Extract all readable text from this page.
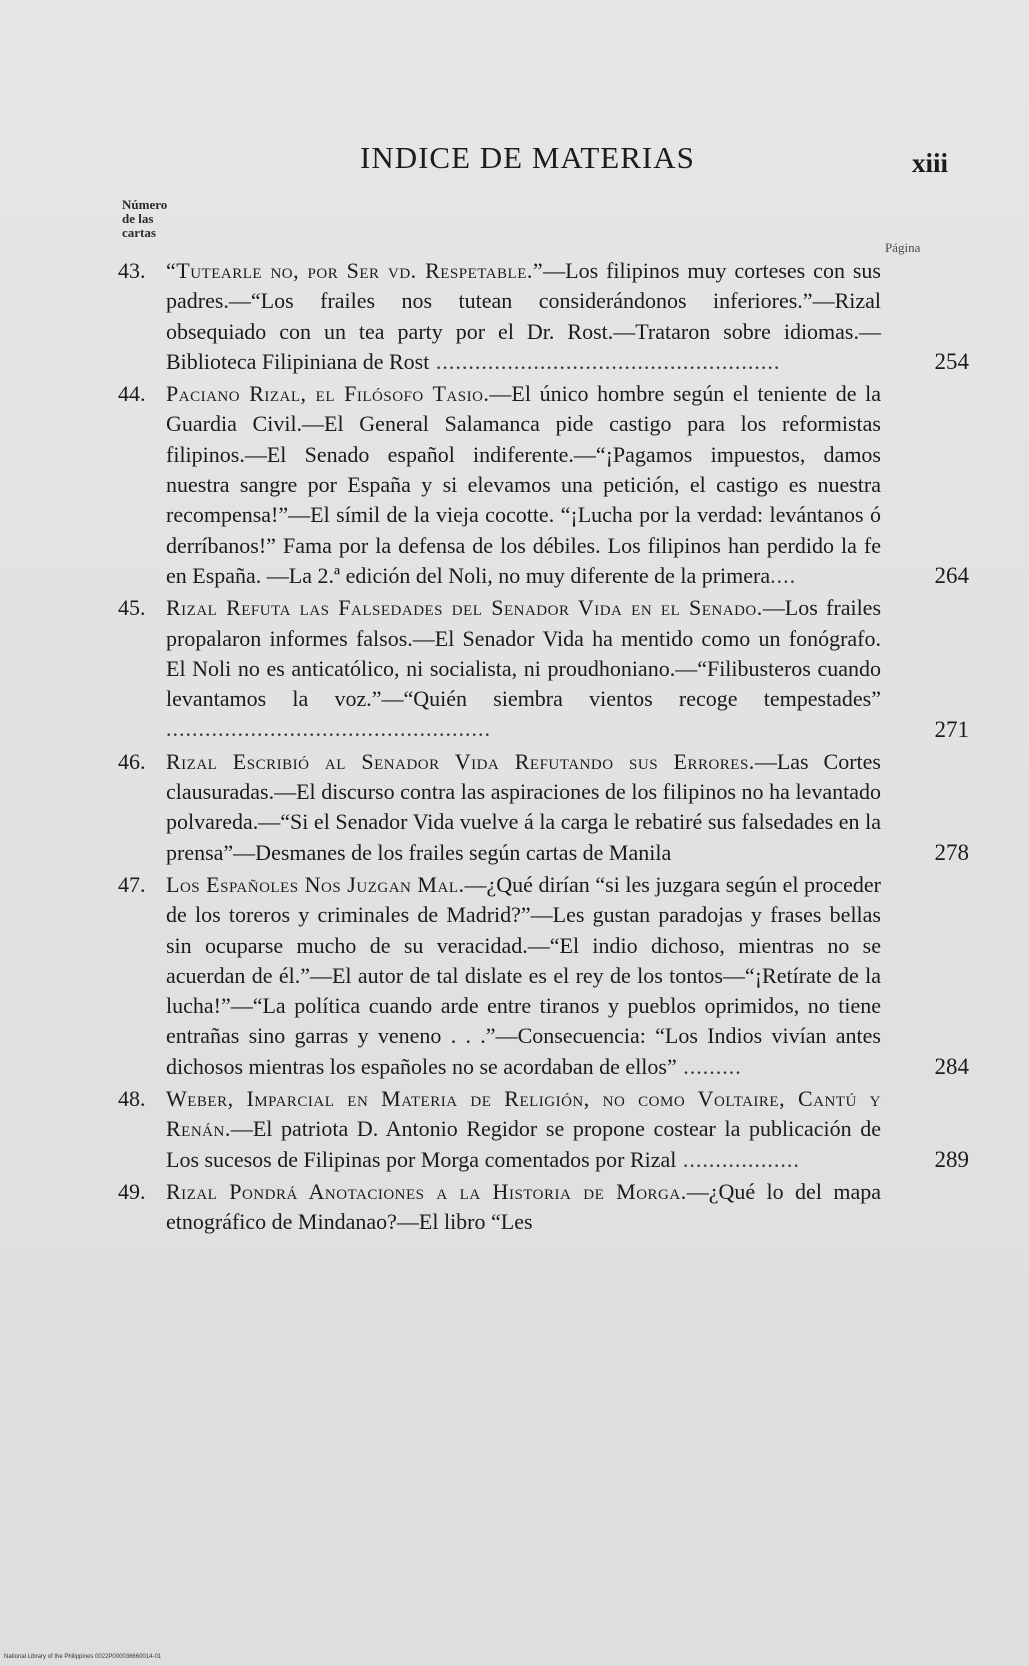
INDICE DE MATERIAS	xiii
Número
de las
cartas
Página
43. “Tutearle no, por Ser vd. Respetable.”—Los filipinos muy corteses con sus padres.—“Los frailes nos tutean considerándonos inferiores.”—Rizal obsequiado con un tea party por el Dr. Rost.—Trataron sobre idiomas.—Biblioteca Filipiniana de Rost .....................................................	254
44. Paciano Rizal, el Filósofo Tasio.—El único hombre según el teniente de la Guardia Civil.—El General Salamanca pide castigo para los reformistas filipinos.—El Senado español indiferente.—“¡Pagamos impuestos, damos nuestra sangre por España y si elevamos una petición, el castigo es nuestra recompensa!”—El símil de la vieja cocotte. “¡Lucha por la verdad: levántanos ó derríbanos!” Fama por la defensa de los débiles. Los filipinos han perdido la fe en España. —La 2.ª edición del Noli, no muy diferente de la primera....	264
45. Rizal Refuta las Falsedades del Senador Vida en el Senado.—Los frailes propalaron informes falsos.—El Senador Vida ha mentido como un fonógrafo. El Noli no es anticatólico, ni socialista, ni proudhoniano.—“Filibusteros cuando levantamos la voz.”—“Quién siembra vientos recoge tempestades” ..................................................	271
46. Rizal Escribió al Senador Vida Refutando sus Errores.—Las Cortes clausuradas.—El discurso contra las aspiraciones de los filipinos no ha levantado polvareda.—“Si el Senador Vida vuelve á la carga le rebatiré sus falsedades en la prensa”—Desmanes de los frailes según cartas de Manila	278
47. Los Españoles Nos Juzgan Mal.—¿Qué dirían “si les juzgara según el proceder de los toreros y criminales de Madrid?”—Les gustan paradojas y frases bellas sin ocuparse mucho de su veracidad.—“El indio dichoso, mientras no se acuerdan de él.”—El autor de tal dislate es el rey de los tontos—“¡Retírate de la lucha!”—“La política cuando arde entre tiranos y pueblos oprimidos, no tiene entrañas sino garras y veneno . . .”—Consecuencia: “Los Indios vivían antes dichosos mientras los españoles no se acordaban de ellos” .........	284
48. Weber, Imparcial en Materia de Religión, no como Voltaire, Cantú y Renán.—El patriota D. Antonio Regidor se propone costear la publicación de Los sucesos de Filipinas por Morga comentados por Rizal ..................	289
49. Rizal Pondrá Anotaciones a la Historia de Morga.—¿Qué lo del mapa etnográfico de Mindanao?—El libro “Les
National Library of the Philippines 0022P000036660014-01
